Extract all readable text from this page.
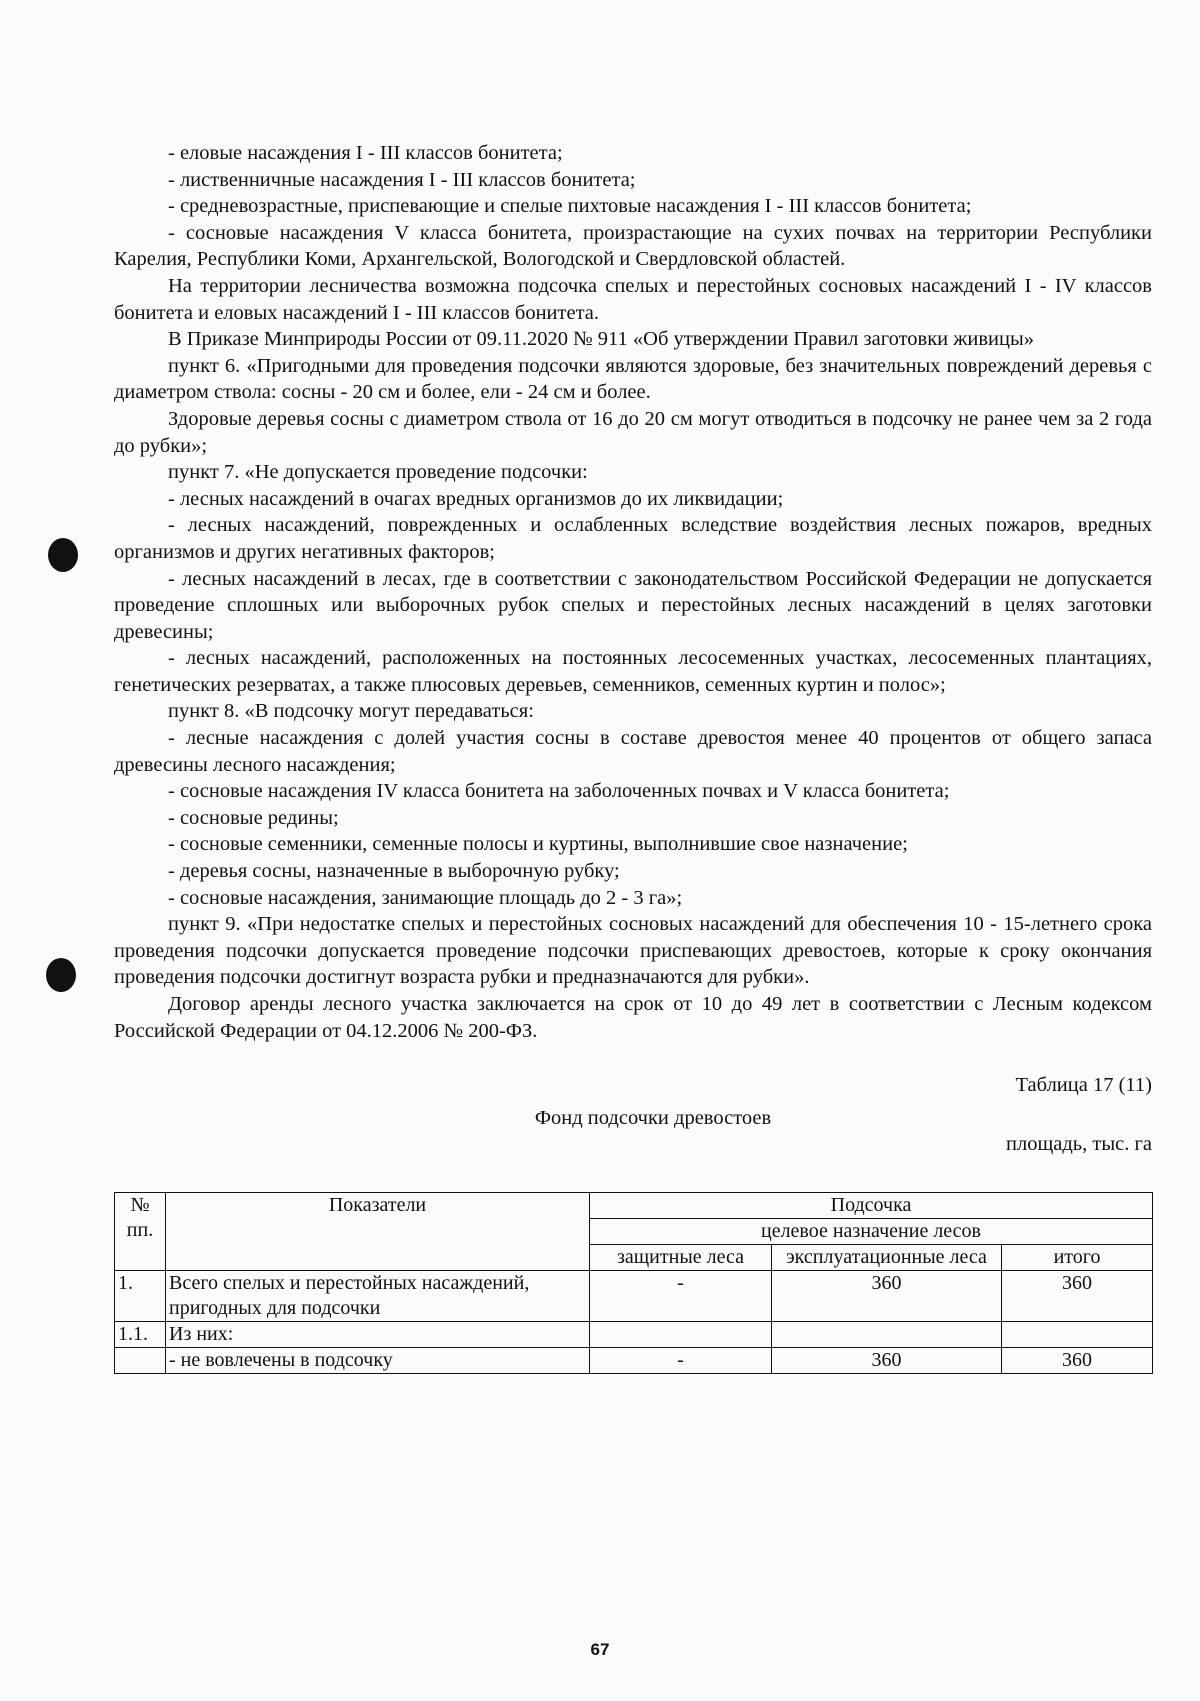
- еловые насаждения I - III классов бонитета;

- лиственничные насаждения I - III классов бонитета;

- средневозрастные, приспевающие и спелые пихтовые насаждения I - III классов бонитета;

- сосновые насаждения V класса бонитета, произрастающие на сухих почвах на территории Республики Карелия, Республики Коми, Архангельской, Вологодской и Свердловской областей.

На территории лесничества возможна подсочка спелых и перестойных сосновых насаждений I - IV классов бонитета и еловых насаждений I - III классов бонитета.

В Приказе Минприроды России от 09.11.2020 № 911 «Об утверждении Правил заготовки живицы»

пункт 6. «Пригодными для проведения подсочки являются здоровые, без значительных повреждений деревья с диаметром ствола: сосны - 20 см и более, ели - 24 см и более.

Здоровые деревья сосны с диаметром ствола от 16 до 20 см могут отводиться в подсочку не ранее чем за 2 года до рубки»;

пункт 7. «Не допускается проведение подсочки:

- лесных насаждений в очагах вредных организмов до их ликвидации;

- лесных насаждений, поврежденных и ослабленных вследствие воздействия лесных пожаров, вредных организмов и других негативных факторов;

- лесных насаждений в лесах, где в соответствии с законодательством Российской Федерации не допускается проведение сплошных или выборочных рубок спелых и перестойных лесных насаждений в целях заготовки древесины;

- лесных насаждений, расположенных на постоянных лесосеменных участках, лесосеменных плантациях, генетических резерватах, а также плюсовых деревьев, семенников, семенных куртин и полос»;

пункт 8. «В подсочку могут передаваться:

- лесные насаждения с долей участия сосны в составе древостоя менее 40 процентов от общего запаса древесины лесного насаждения;

- сосновые насаждения IV класса бонитета на заболоченных почвах и V класса бонитета;

- сосновые редины;

- сосновые семенники, семенные полосы и куртины, выполнившие свое назначение;

- деревья сосны, назначенные в выборочную рубку;

- сосновые насаждения, занимающие площадь до 2 - 3 га»;

пункт 9. «При недостатке спелых и перестойных сосновых насаждений для обеспечения 10 - 15-летнего срока проведения подсочки допускается проведение подсочки приспевающих древостоев, которые к сроку окончания проведения подсочки достигнут возраста рубки и предназначаются для рубки».

Договор аренды лесного участка заключается на срок от 10 до 49 лет в соответствии с Лесным кодексом Российской Федерации от 04.12.2006 № 200-ФЗ.

Таблица 17 (11)

Фонд подсочки древостоев

площадь, тыс. га

№ пп.	Показатели	Подсочка		
		целевое назначение лесов		
		защитные леса	эксплуатационные леса	итого
1.	Всего спелых и перестойных насаждений, пригодных для подсочки	-	360	360
1.1.	Из них:			
	- не вовлечены в подсочку	-	360	360
67
